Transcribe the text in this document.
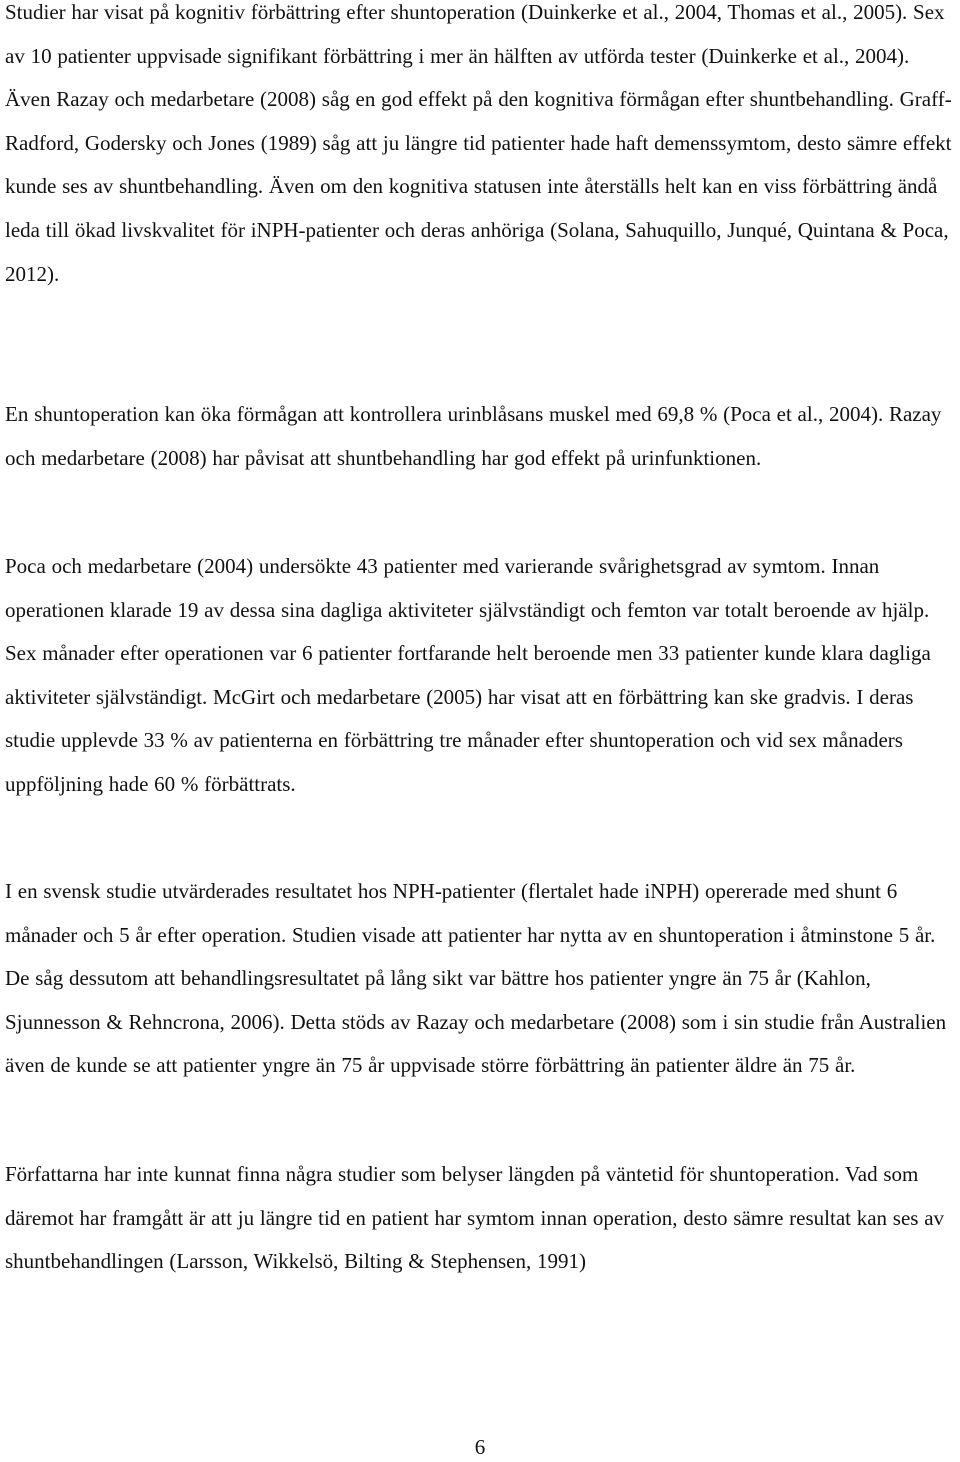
Studier har visat på kognitiv förbättring efter shuntoperation (Duinkerke et al., 2004, Thomas et al., 2005). Sex av 10 patienter uppvisade signifikant förbättring i mer än hälften av utförda tester (Duinkerke et al., 2004). Även Razay och medarbetare (2008) såg en god effekt på den kognitiva förmågan efter shuntbehandling. Graff-Radford, Godersky och Jones (1989) såg att ju längre tid patienter hade haft demenssymtom, desto sämre effekt kunde ses av shuntbehandling. Även om den kognitiva statusen inte återställs helt kan en viss förbättring ändå leda till ökad livskvalitet för iNPH-patienter och deras anhöriga (Solana, Sahuquillo, Junqué, Quintana & Poca, 2012).

En shuntoperation kan öka förmågan att kontrollera urinblåsans muskel med 69,8 % (Poca et al., 2004). Razay och medarbetare (2008) har påvisat att shuntbehandling har god effekt på urinfunktionen.

Poca och medarbetare (2004) undersökte 43 patienter med varierande svårighetsgrad av symtom. Innan operationen klarade 19 av dessa sina dagliga aktiviteter självständigt och femton var totalt beroende av hjälp. Sex månader efter operationen var 6 patienter fortfarande helt beroende men 33 patienter kunde klara dagliga aktiviteter självständigt. McGirt och medarbetare (2005) har visat att en förbättring kan ske gradvis. I deras studie upplevde 33 % av patienterna en förbättring tre månader efter shuntoperation och vid sex månaders uppföljning hade 60 % förbättrats.

I en svensk studie utvärderades resultatet hos NPH-patienter (flertalet hade iNPH) opererade med shunt 6 månader och 5 år efter operation. Studien visade att patienter har nytta av en shuntoperation i åtminstone 5 år. De såg dessutom att behandlingsresultatet på lång sikt var bättre hos patienter yngre än 75 år (Kahlon, Sjunnesson & Rehncrona, 2006). Detta stöds av Razay och medarbetare (2008) som i sin studie från Australien även de kunde se att patienter yngre än 75 år uppvisade större förbättring än patienter äldre än 75 år.

Författarna har inte kunnat finna några studier som belyser längden på väntetid för shuntoperation. Vad som däremot har framgått är att ju längre tid en patient har symtom innan operation, desto sämre resultat kan ses av shuntbehandlingen (Larsson, Wikkelsö, Bilting & Stephensen, 1991)

6
